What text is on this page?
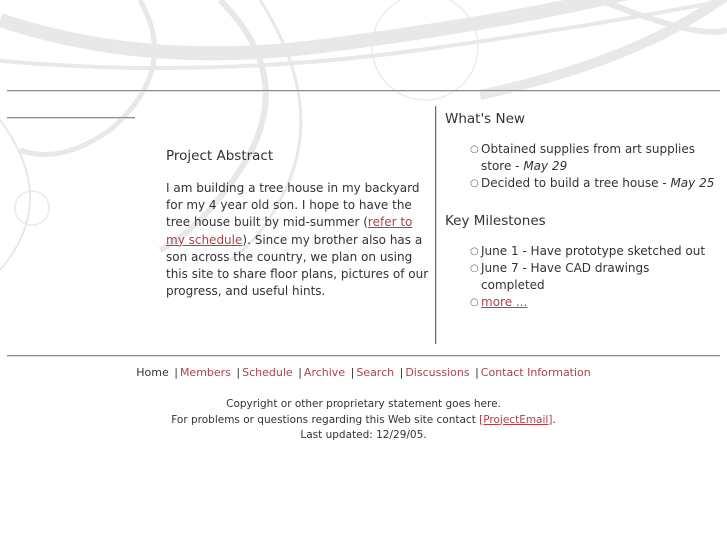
Project Abstract

I am building a tree house in my backyard for my 4 year old son. I hope to have the tree house built by mid-summer (refer to my schedule). Since my brother also has a son across the country, we plan on using this site to share floor plans, pictures of our progress, and useful hints.

What's New
○ Obtained supplies from art supplies store - May 29
○ Decided to build a tree house - May 25
Key Milestones
○ June 1 - Have prototype sketched out
○ June 7 - Have CAD drawings completed
○ more ...
Home | Members | Schedule | Archive | Search | Discussions | Contact Information
Copyright or other proprietary statement goes here.
For problems or questions regarding this Web site contact [ProjectEmail].
Last updated: 12/29/05.
